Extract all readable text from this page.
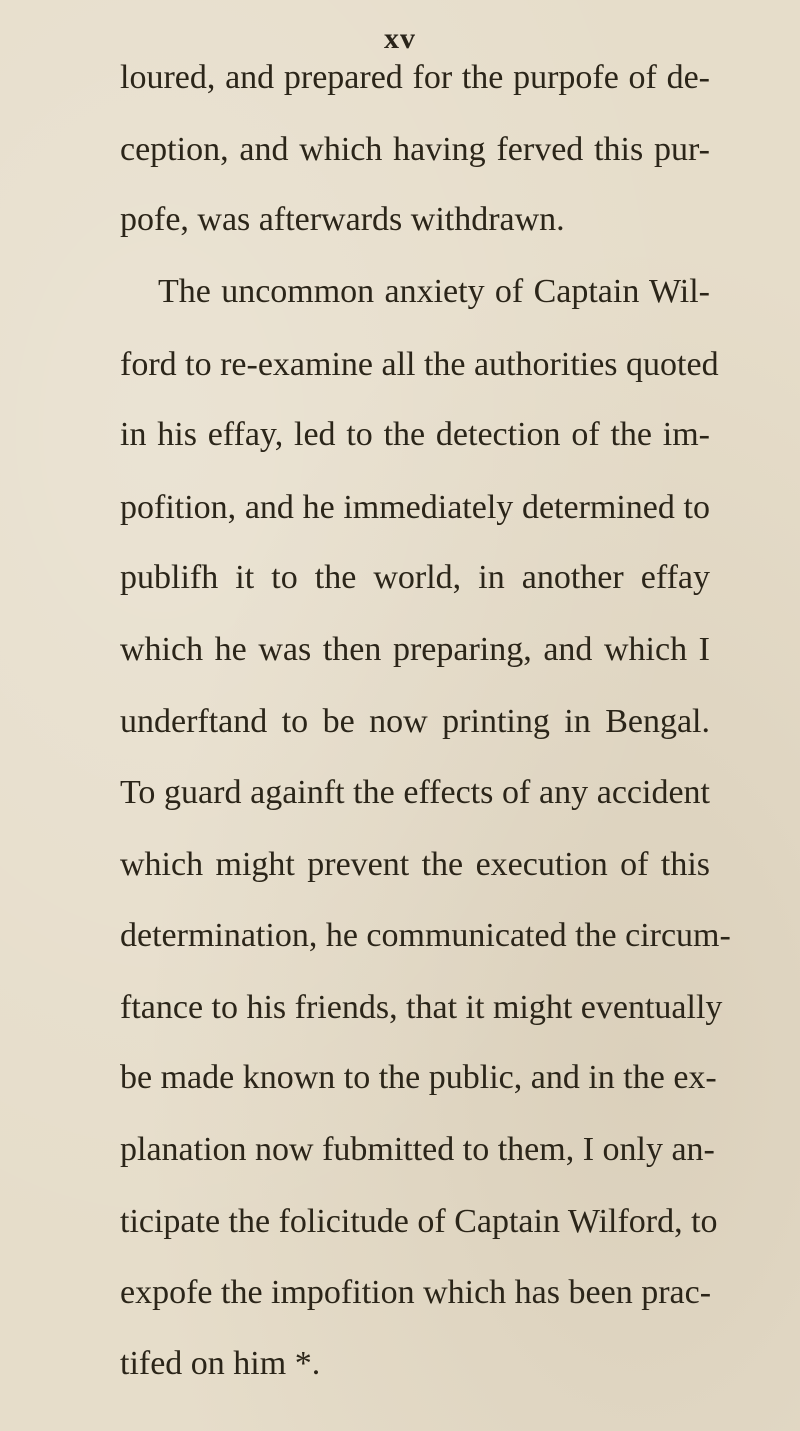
xv
loured, and prepared for the purpofe of de-
ception, and which having ferved this pur-
pofe, was afterwards withdrawn.
The uncommon anxiety of Captain Wil-
ford to re-examine all the authorities quoted
in his effay, led to the detection of the im-
pofition, and he immediately determined to
publifh it to the world, in another effay
which he was then preparing, and which I
underftand to be now printing in Bengal.
To guard againft the effects of any accident
which might prevent the execution of this
determination, he communicated the circum-
ftance to his friends, that it might eventually
be made known to the public, and in the ex-
planation now fubmitted to them, I only an-
ticipate the folicitude of Captain Wilford, to
expofe the impofition which has been prac-
tifed on him *.
